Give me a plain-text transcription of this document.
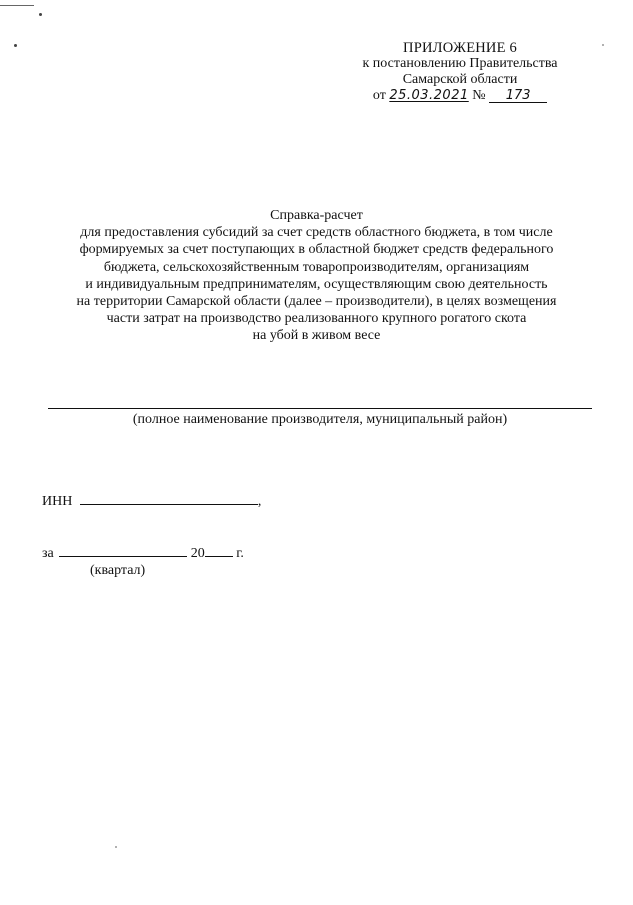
ПРИЛОЖЕНИЕ 6
к постановлению Правительства
Самарской области
от 25.03.2021 № 173
Справка-расчет
для предоставления субсидий за счет средств областного бюджета, в том числе
формируемых за счет поступающих в областной бюджет средств федерального
бюджета, сельскохозяйственным товаропроизводителям, организациям
и индивидуальным предпринимателям, осуществляющим свою деятельность
на территории Самарской области (далее – производители), в целях возмещения
части затрат на производство реализованного крупного рогатого скота
на убой в живом весе
(полное наименование производителя, муниципальный район)
ИНН	,
за	20 г.
(квартал)
